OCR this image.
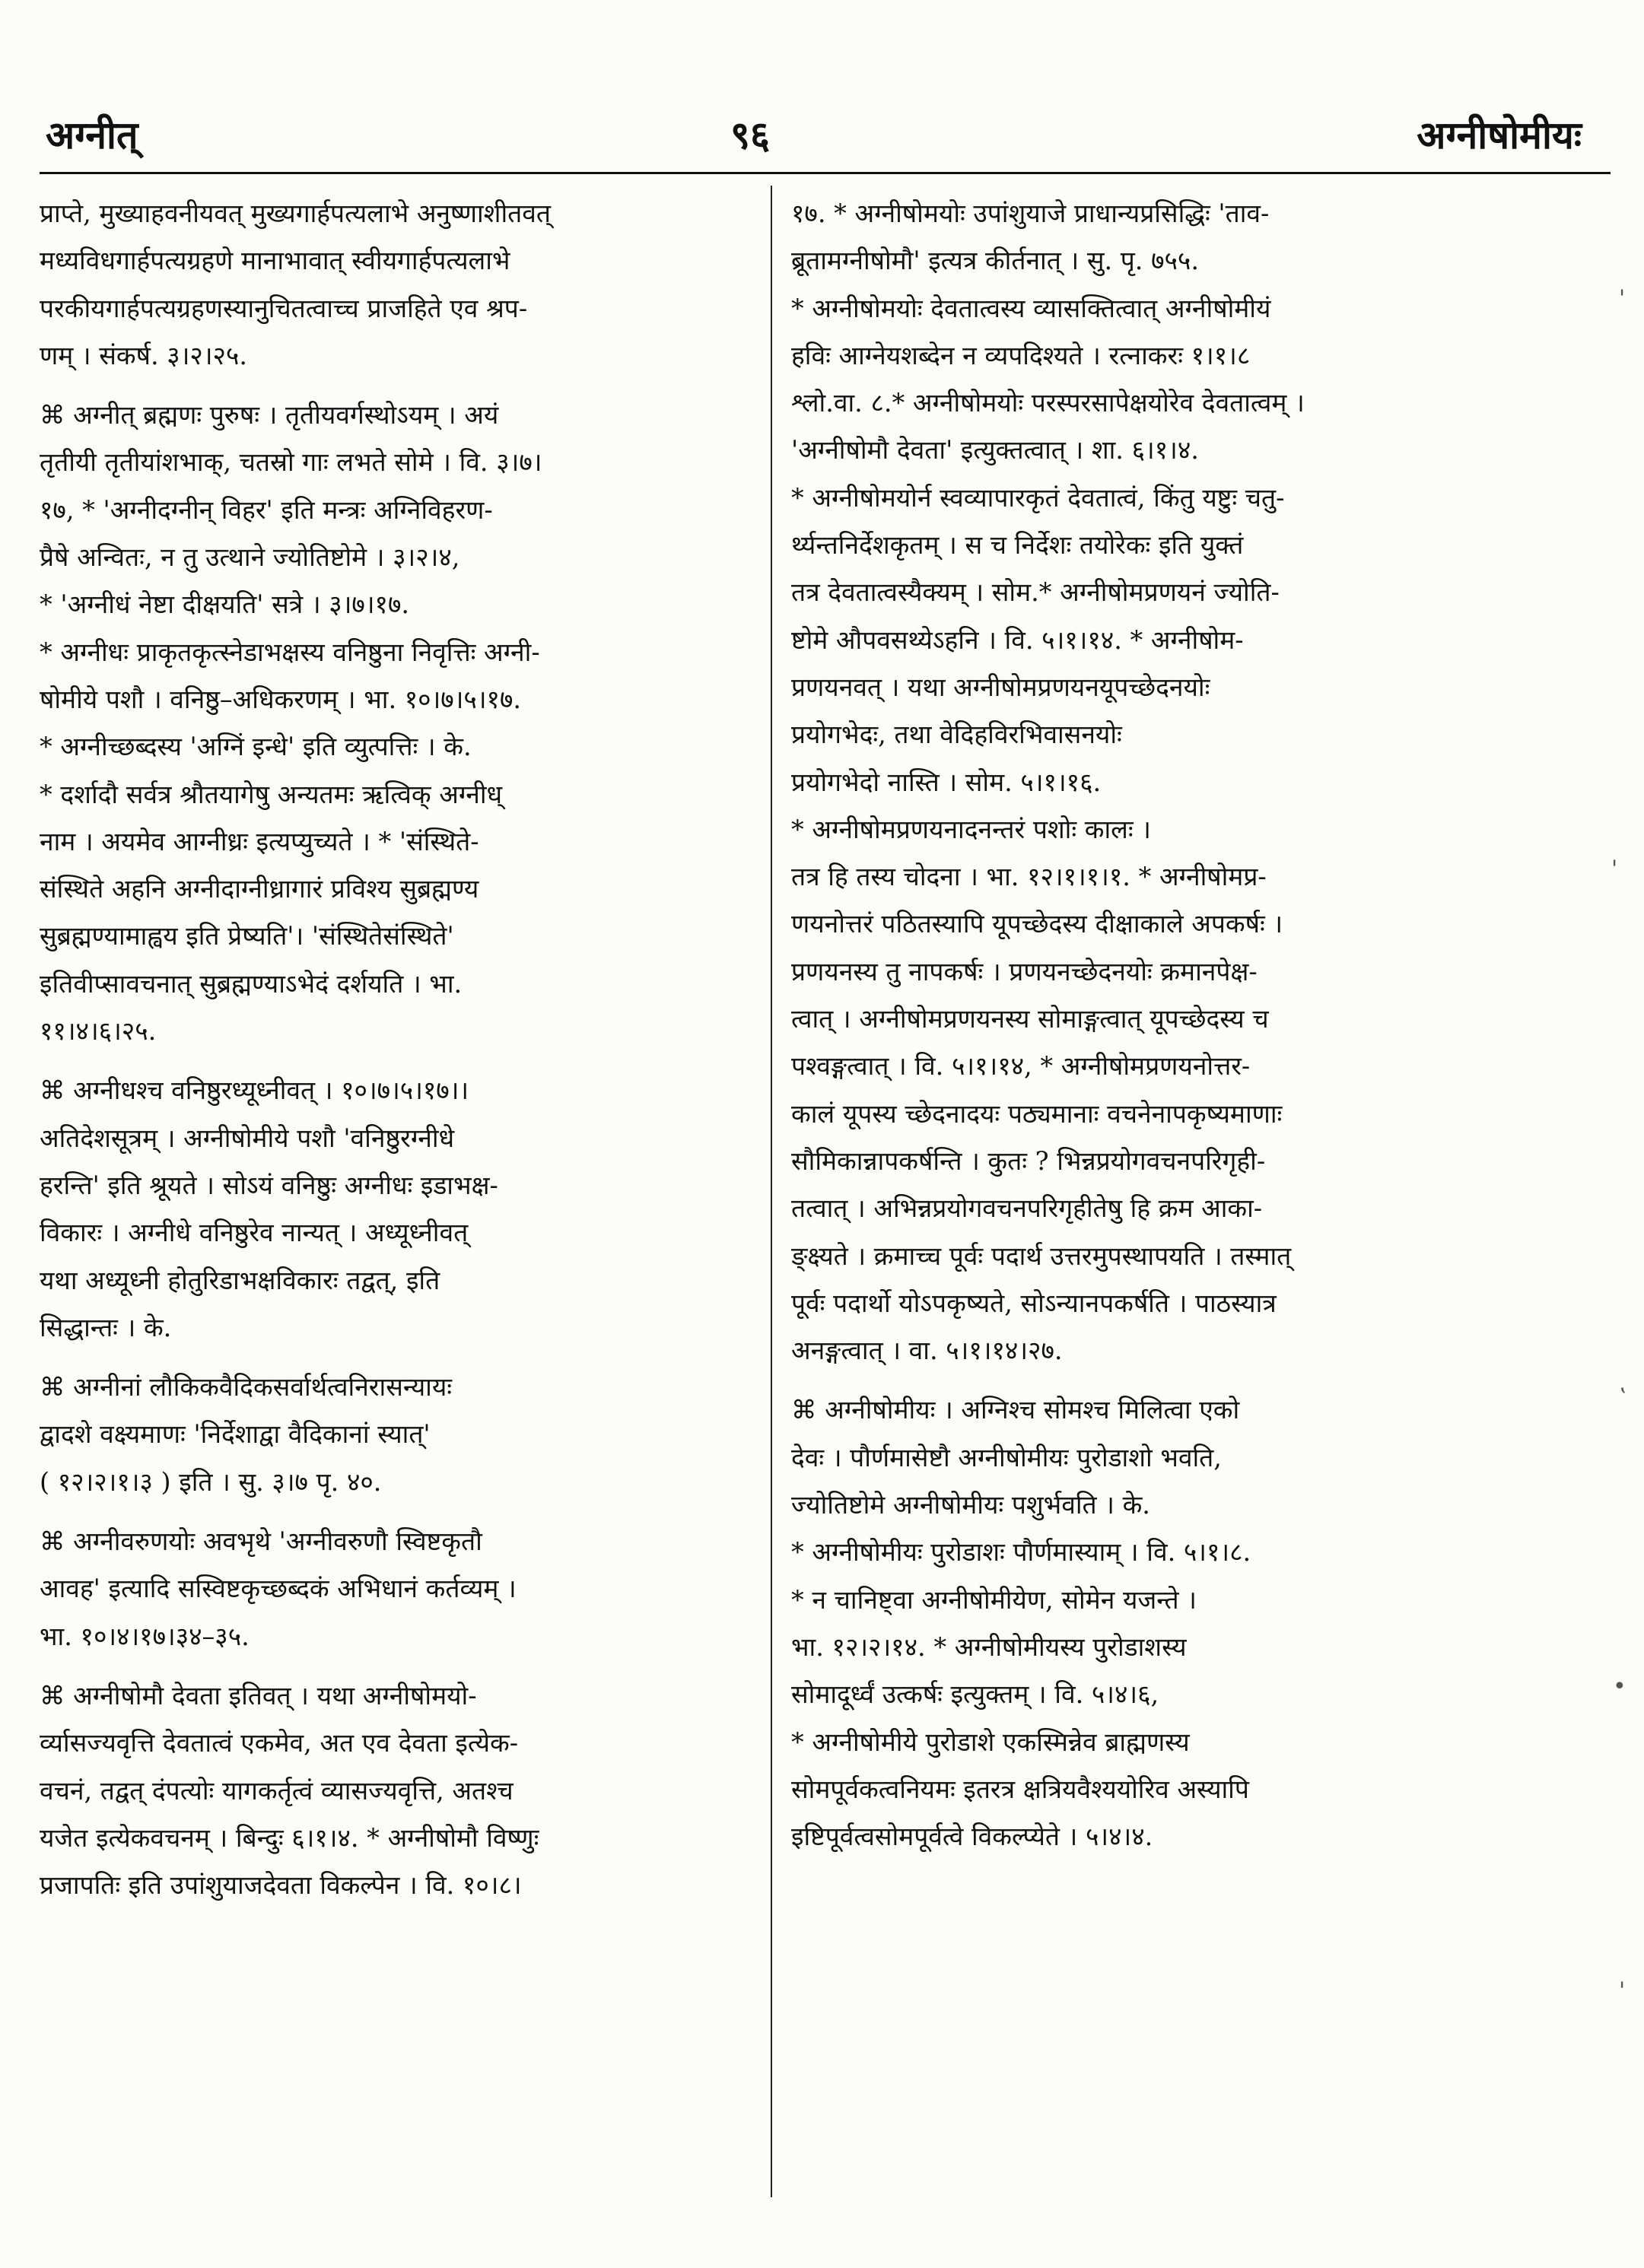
अग्नीत्	९६	अग्नीषोमीयः

प्राप्ते, मुख्याहवनीयवत् मुख्यगार्हपत्यलाभे अनुष्णाशीतवत्

मध्यविधगार्हपत्यग्रहणे मानाभावात् स्वीयगार्हपत्यलाभे

परकीयगार्हपत्यग्रहणस्यानुचितत्वाच्च प्राजहिते एव श्रप-

णम् । संकर्ष. ३।२।२५.

⌘ अग्नीत् ब्रह्मणः पुरुषः । तृतीयवर्गस्थोऽयम् । अयं

तृतीयी तृतीयांशभाक्, चतस्रो गाः लभते सोमे । वि. ३।७।

१७, * 'अग्नीदग्नीन् विहर' इति मन्त्रः अग्निविहरण-

प्रैषे अन्वितः, न तु उत्थाने ज्योतिष्टोमे । ३।२।४,

* 'अग्नीधं नेष्टा दीक्षयति' सत्रे । ३।७।१७.

* अग्नीधः प्राकृतकृत्स्नेडाभक्षस्य वनिष्ठुना निवृत्तिः अग्नी-

षोमीये पशौ । वनिष्ठु–अधिकरणम् । भा. १०।७।५।१७.

* अग्नीच्छब्दस्य 'अग्निं इन्धे' इति व्युत्पत्तिः । के.

* दर्शादौ सर्वत्र श्रौतयागेषु अन्यतमः ऋत्विक् अग्नीध्

नाम । अयमेव आग्नीध्रः इत्यप्युच्यते । * 'संस्थिते-

संस्थिते अहनि अग्नीदाग्नीध्रागारं प्रविश्य सुब्रह्मण्य

सुब्रह्मण्यामाह्वय इति प्रेष्यति'। 'संस्थितेसंस्थिते'

इतिवीप्सावचनात् सुब्रह्मण्याऽभेदं दर्शयति । भा.

११।४।६।२५.

⌘ अग्नीधश्च वनिष्ठुरध्यूध्नीवत् । १०।७।५।१७।।

अतिदेशसूत्रम् । अग्नीषोमीये पशौ 'वनिष्ठुरग्नीधे

हरन्ति' इति श्रूयते । सोऽयं वनिष्ठुः अग्नीधः इडाभक्ष-

विकारः । अग्नीधे वनिष्ठुरेव नान्यत् । अध्यूध्नीवत्

यथा अध्यूध्नी होतुरिडाभक्षविकारः तद्वत्, इति

सिद्धान्तः । के.

⌘ अग्नीनां लौकिकवैदिकसर्वार्थत्वनिरासन्यायः

द्वादशे वक्ष्यमाणः 'निर्देशाद्वा वैदिकानां स्यात्'

( १२।२।१।३ ) इति । सु. ३।७ पृ. ४०.

⌘ अग्नीवरुणयोः अवभृथे 'अग्नीवरुणौ स्विष्टकृतौ

आवह' इत्यादि सस्विष्टकृच्छब्दकं अभिधानं कर्तव्यम् ।

भा. १०।४।१७।३४–३५.

⌘ अग्नीषोमौ देवता इतिवत् । यथा अग्नीषोमयो-

र्व्यासज्यवृत्ति देवतात्वं एकमेव, अत एव देवता इत्येक-

वचनं, तद्वत् दंपत्योः यागकर्तृत्वं व्यासज्यवृत्ति, अतश्च

यजेत इत्येकवचनम् । बिन्दुः ६।१।४. * अग्नीषोमौ विष्णुः

प्रजापतिः इति उपांशुयाजदेवता विकल्पेन । वि. १०।८।

१७. * अग्नीषोमयोः उपांशुयाजे प्राधान्यप्रसिद्धिः 'ताव-

ब्रूतामग्नीषोमौ' इत्यत्र कीर्तनात् । सु. पृ. ७५५.

* अग्नीषोमयोः देवतात्वस्य व्यासक्तित्वात् अग्नीषोमीयं

हविः आग्नेयशब्देन न व्यपदिश्यते । रत्नाकरः १।१।८

श्लो.वा. ८.* अग्नीषोमयोः परस्परसापेक्षयोरेव देवतात्वम् ।

'अग्नीषोमौ देवता' इत्युक्तत्वात् । शा. ६।१।४.

* अग्नीषोमयोर्न स्वव्यापारकृतं देवतात्वं, किंतु यष्टुः चतु-

र्थ्यन्तनिर्देशकृतम् । स च निर्देशः तयोरेकः इति युक्तं

तत्र देवतात्वस्यैक्यम् । सोम.* अग्नीषोमप्रणयनं ज्योति-

ष्टोमे औपवसथ्येऽहनि । वि. ५।१।१४. * अग्नीषोम-

प्रणयनवत् । यथा अग्नीषोमप्रणयनयूपच्छेदनयोः

प्रयोगभेदः, तथा वेदिहविरभिवासनयोः

प्रयोगभेदो नास्ति । सोम. ५।१।१६.

* अग्नीषोमप्रणयनादनन्तरं पशोः कालः ।

तत्र हि तस्य चोदना । भा. १२।१।१।१. * अग्नीषोमप्र-

णयनोत्तरं पठितस्यापि यूपच्छेदस्य दीक्षाकाले अपकर्षः ।

प्रणयनस्य तु नापकर्षः । प्रणयनच्छेदनयोः क्रमानपेक्ष-

त्वात् । अग्नीषोमप्रणयनस्य सोमाङ्गत्वात् यूपच्छेदस्य च

पश्वङ्गत्वात् । वि. ५।१।१४, * अग्नीषोमप्रणयनोत्तर-

कालं यूपस्य च्छेदनादयः पठ्यमानाः वचनेनापकृष्यमाणाः

सौमिकान्नापकर्षन्ति । कुतः ? भिन्नप्रयोगवचनपरिगृही-

तत्वात् । अभिन्नप्रयोगवचनपरिगृहीतेषु हि क्रम आका-

ङ्क्ष्यते । क्रमाच्च पूर्वः पदार्थ उत्तरमुपस्थापयति । तस्मात्

पूर्वः पदार्थो योऽपकृष्यते, सोऽन्यानपकर्षति । पाठस्यात्र

अनङ्गत्वात् । वा. ५।१।१४।२७.

⌘ अग्नीषोमीयः । अग्निश्च सोमश्च मिलित्वा एको

देवः । पौर्णमासेष्टौ अग्नीषोमीयः पुरोडाशो भवति,

ज्योतिष्टोमे अग्नीषोमीयः पशुर्भवति । के.

* अग्नीषोमीयः पुरोडाशः पौर्णमास्याम् । वि. ५।१।८.

* न चानिष्ट्वा अग्नीषोमीयेण, सोमेन यजन्ते ।

भा. १२।२।१४. * अग्नीषोमीयस्य पुरोडाशस्य

सोमादूर्ध्वं उत्कर्षः इत्युक्तम् । वि. ५।४।६,

* अग्नीषोमीये पुरोडाशे एकस्मिन्नेव ब्राह्मणस्य

सोमपूर्वकत्वनियमः इतरत्र क्षत्रियवैश्ययोरिव अस्यापि

इष्टिपूर्वत्वसोमपूर्वत्वे विकल्प्येते । ५।४।४.

'
'
ʽ
•
'
